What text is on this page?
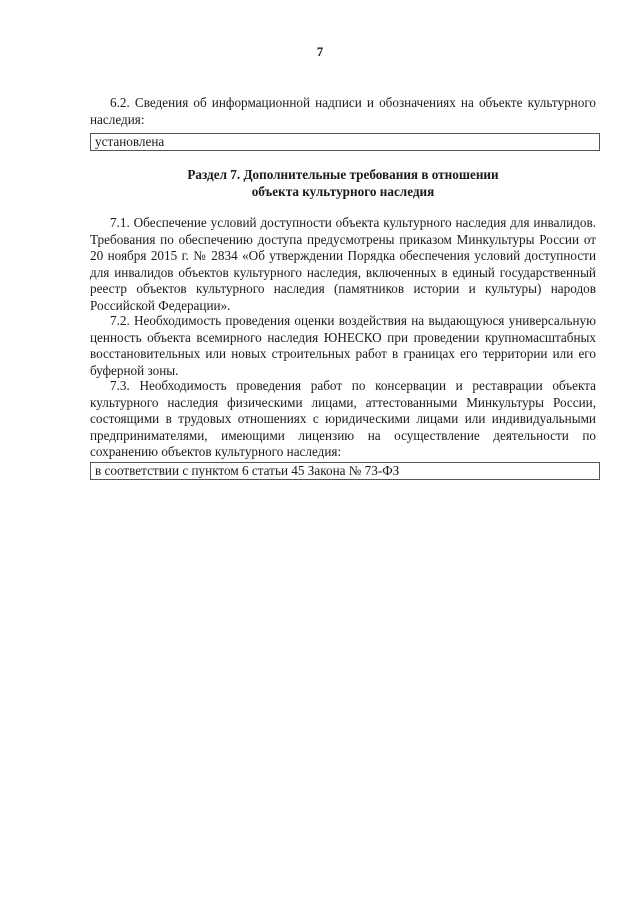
7

6.2. Сведения об информационной надписи и обозначениях на объекте культурного наследия:

установлена
Раздел 7. Дополнительные требования в отношении
объекта культурного наследия

7.1. Обеспечение условий доступности объекта культурного наследия для инвалидов. Требования по обеспечению доступа предусмотрены приказом Минкультуры России от 20 ноября 2015 г. № 2834 «Об утверждении Порядка обеспечения условий доступности для инвалидов объектов культурного наследия, включенных в единый государственный реестр объектов культурного наследия (памятников истории и культуры) народов Российской Федерации».

7.2. Необходимость проведения оценки воздействия на выдающуюся универсальную ценность объекта всемирного наследия ЮНЕСКО при проведении крупномасштабных восстановительных или новых строительных работ в границах его территории или его буферной зоны.

7.3. Необходимость проведения работ по консервации и реставрации объекта культурного наследия физическими лицами, аттестованными Минкультуры России, состоящими в трудовых отношениях с юридическими лицами или индивидуальными предпринимателями, имеющими лицензию на осуществление деятельности по сохранению объектов культурного наследия:

в соответствии с пунктом 6 статьи 45 Закона № 73-ФЗ
